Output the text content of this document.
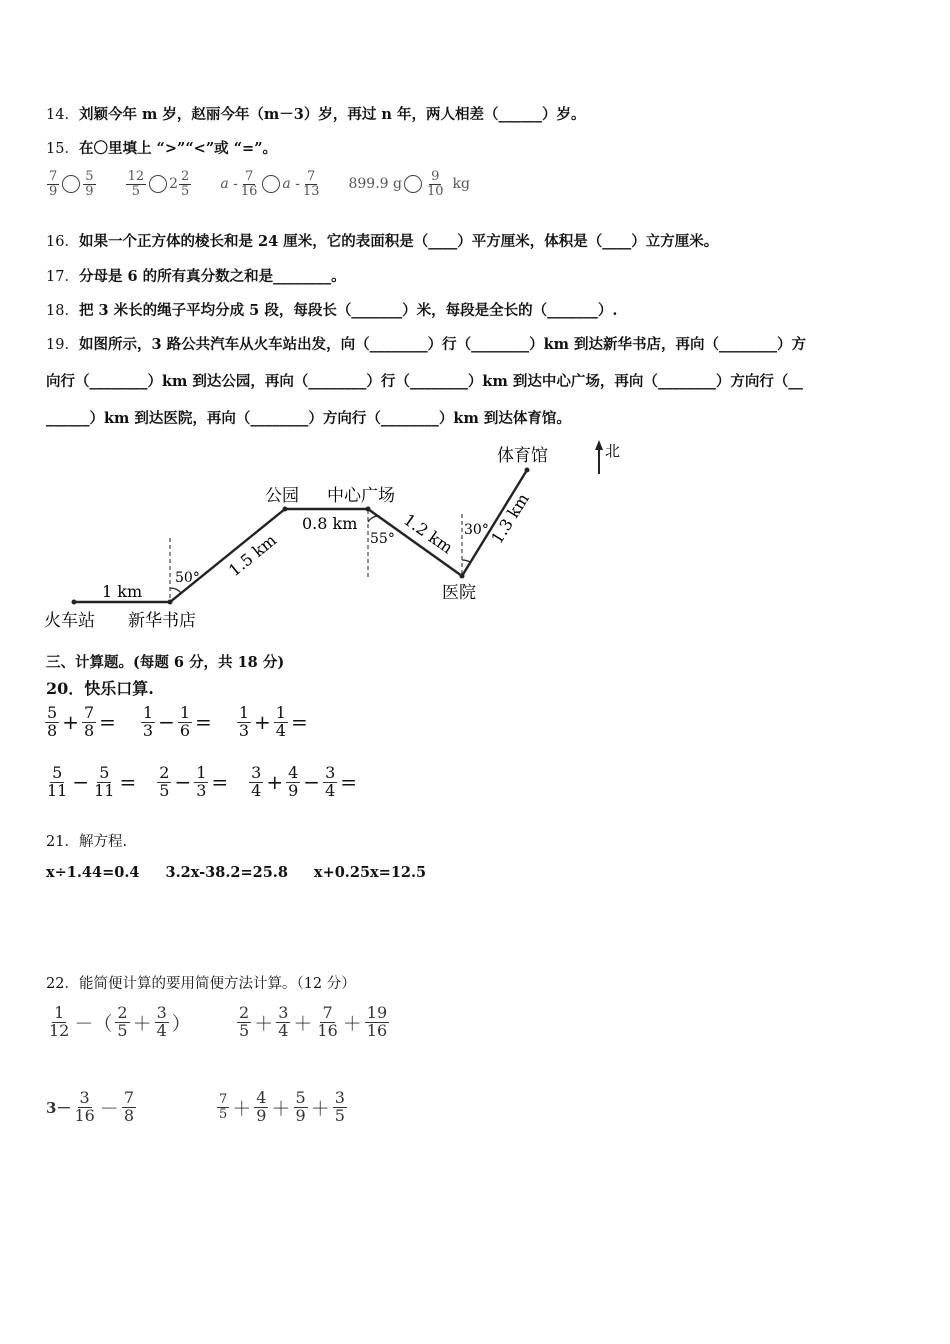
14．刘颖今年 m 岁，赵丽今年（m－3）岁，再过 n 年，两人相差（______）岁。
15．在〇里填上 “>”“<”或 “=”。
$\frac{7}{9} \frac{5}{9} \frac{12}{5} 2 \frac{2}{5}$ a - $\frac{7}{16}$ a - $\frac{7}{13} 899.9$ g $\frac{9}{10}$ kg
16．如果一个正方体的棱长和是 24 厘米，它的表面积是（____）平方厘米，体积是（____）立方厘米。
17．分母是 6 的所有真分数之和是________。
18．把 3 米长的绳子平均分成 5 段，每段长（_______）米，每段是全长的（_______）.
19．如图所示，3 路公共汽车从火车站出发，向（________）行（________）km 到达新华书店，再向（________）方
向行（________）km 到达公园，再向（________）行（________）km 到达中心广场，再向（________）方向行（__
______）km 到达医院，再向（________）方向行（________）km 到达体育馆。
北
体育馆
公园 中心广场
医院
火车站 新华书店
1 km
1.5 km
0.8 km	1.2 km 1.3 km
50°
55°
30°
三、计算题。(每题 6 分，共 18 分)
20．快乐口算.
$\frac{5}{8} + \frac{7}{8} = \frac{1}{3} - \frac{1}{6} = \frac{1}{3} + \frac{1}{4}$ =
$\frac{5}{11} - \frac{5}{11} = \frac{2}{5} - \frac{1}{3} = \frac{3}{4} + \frac{4}{9} - \frac{3}{4}$ =
21．解方程.
x÷1.44=0.4 3.2x-38.2=25.8 x+0.25x=12.5
22．能简便计算的要用简便方法计算。（12 分）
$\frac{1}{12}$ －（ $\frac{2}{5} + \frac{3}{4}$ ）	$\frac{2}{5} + \frac{3}{4} + \frac{7}{16} + \frac{19}{16}$
$3- \frac{3}{16} - \frac{7}{8}$	$\frac{7}{5} + \frac{4}{9} + \frac{5}{9} + \frac{3}{5}$
